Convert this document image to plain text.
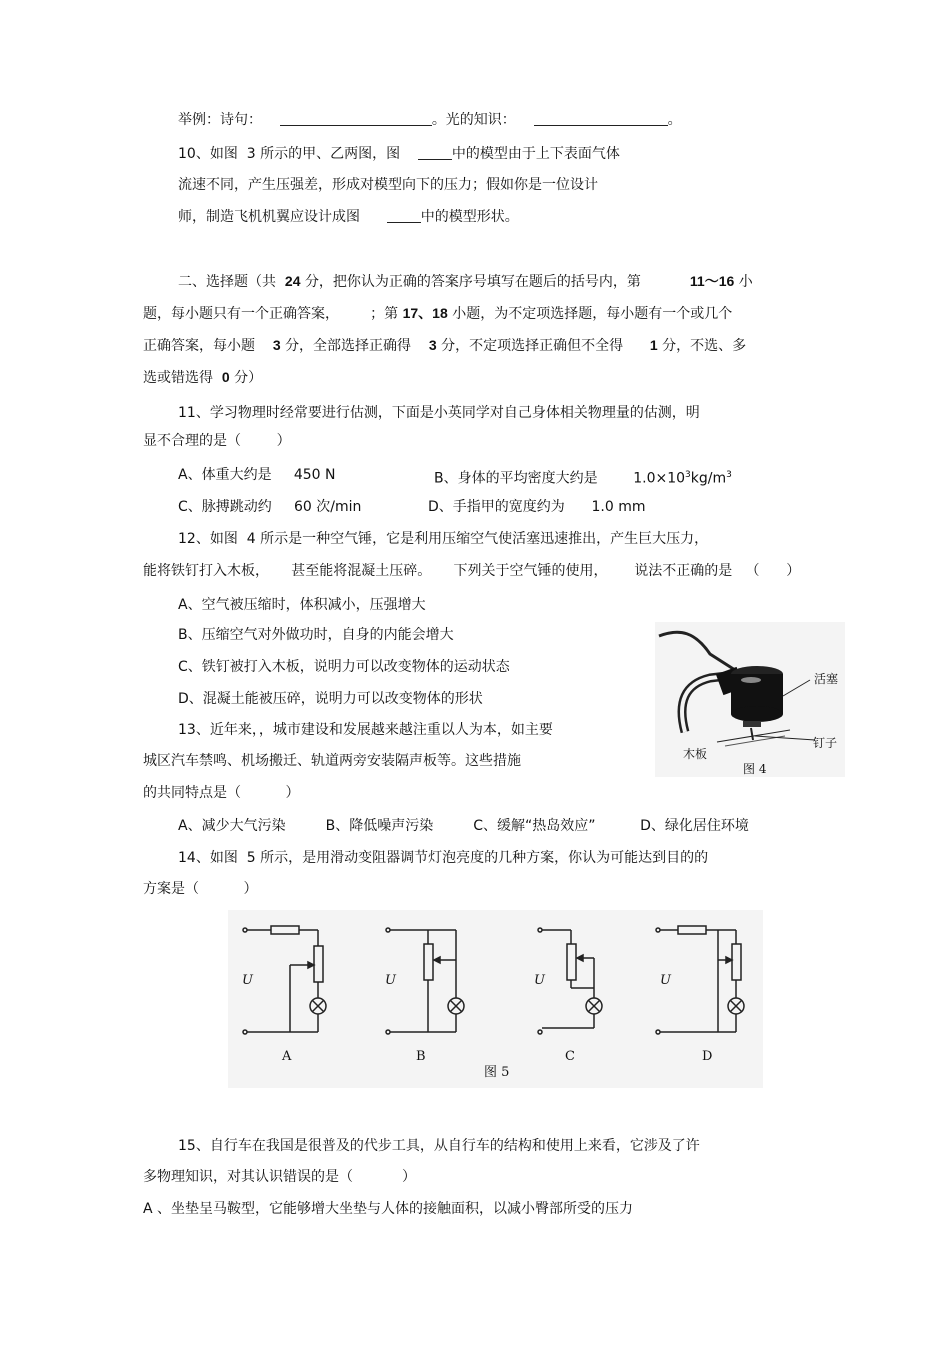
举例：诗句：	。光的知识：	。
10、如图  3 所示的甲、乙两图，图	中的模型由于上下表面气体
流速不同，产生压强差，形成对模型向下的压力；假如你是一位设计
师，制造飞机机翼应设计成图	中的模型形状。
二、选择题（共 24 分，把你认为正确的答案序号填写在题后的括号内，第	11～16 小
题，每小题只有一个正确答案， ；第 17、18 小题，为不定项选择题，每小题有一个或几个
正确答案，每小题 3 分，全部选择正确得 3 分，不定项选择正确但不全得 1 分，不选、多
选或错选得 0 分）
11、学习物理时经常要进行估测，下面是小英同学对自己身体相关物理量的估测，明
显不合理的是（        ）
A、体重大约是     450 N	B、身体的平均密度大约是        $1.0\times 10^3kg/m^3$
C、脉搏跳动约     60 次/min	D、手指甲的宽度约为      1.0 mm
12、如图  4 所示是一种空气锤，它是利用压缩空气使活塞迅速推出，产生巨大压力，
能将铁钉打入木板，     甚至能将混凝土压碎。     下列关于空气锤的使用，      说法不正确的是   （      ）
A、空气被压缩时，体积减小，压强增大
B、压缩空气对外做功时，自身的内能会增大
C、铁钉被打入木板，说明力可以改变物体的运动状态
D、混凝土能被压碎，说明力可以改变物体的形状
活塞
钉子
木板
图 4
13、近年来，，城市建设和发展越来越注重以人为本，如主要
城区汽车禁鸣、机场搬迁、轨道两旁安装隔声板等。这些措施
的共同特点是（          ）
A、减少大气污染         B、降低噪声污染         C、缓解“热岛效应”          D、绿化居住环境
14、如图  5 所示，是用滑动变阻器调节灯泡亮度的几种方案，你认为可能达到目的的
方案是（          ）
U	U	U	U
A	B	C	D
图 5
15、自行车在我国是很普及的代步工具，从自行车的结构和使用上来看，它涉及了许
多物理知识，对其认识错误的是（           ）
A 、坐垫呈马鞍型，它能够增大坐垫与人体的接触面积，以减小臀部所受的压力
